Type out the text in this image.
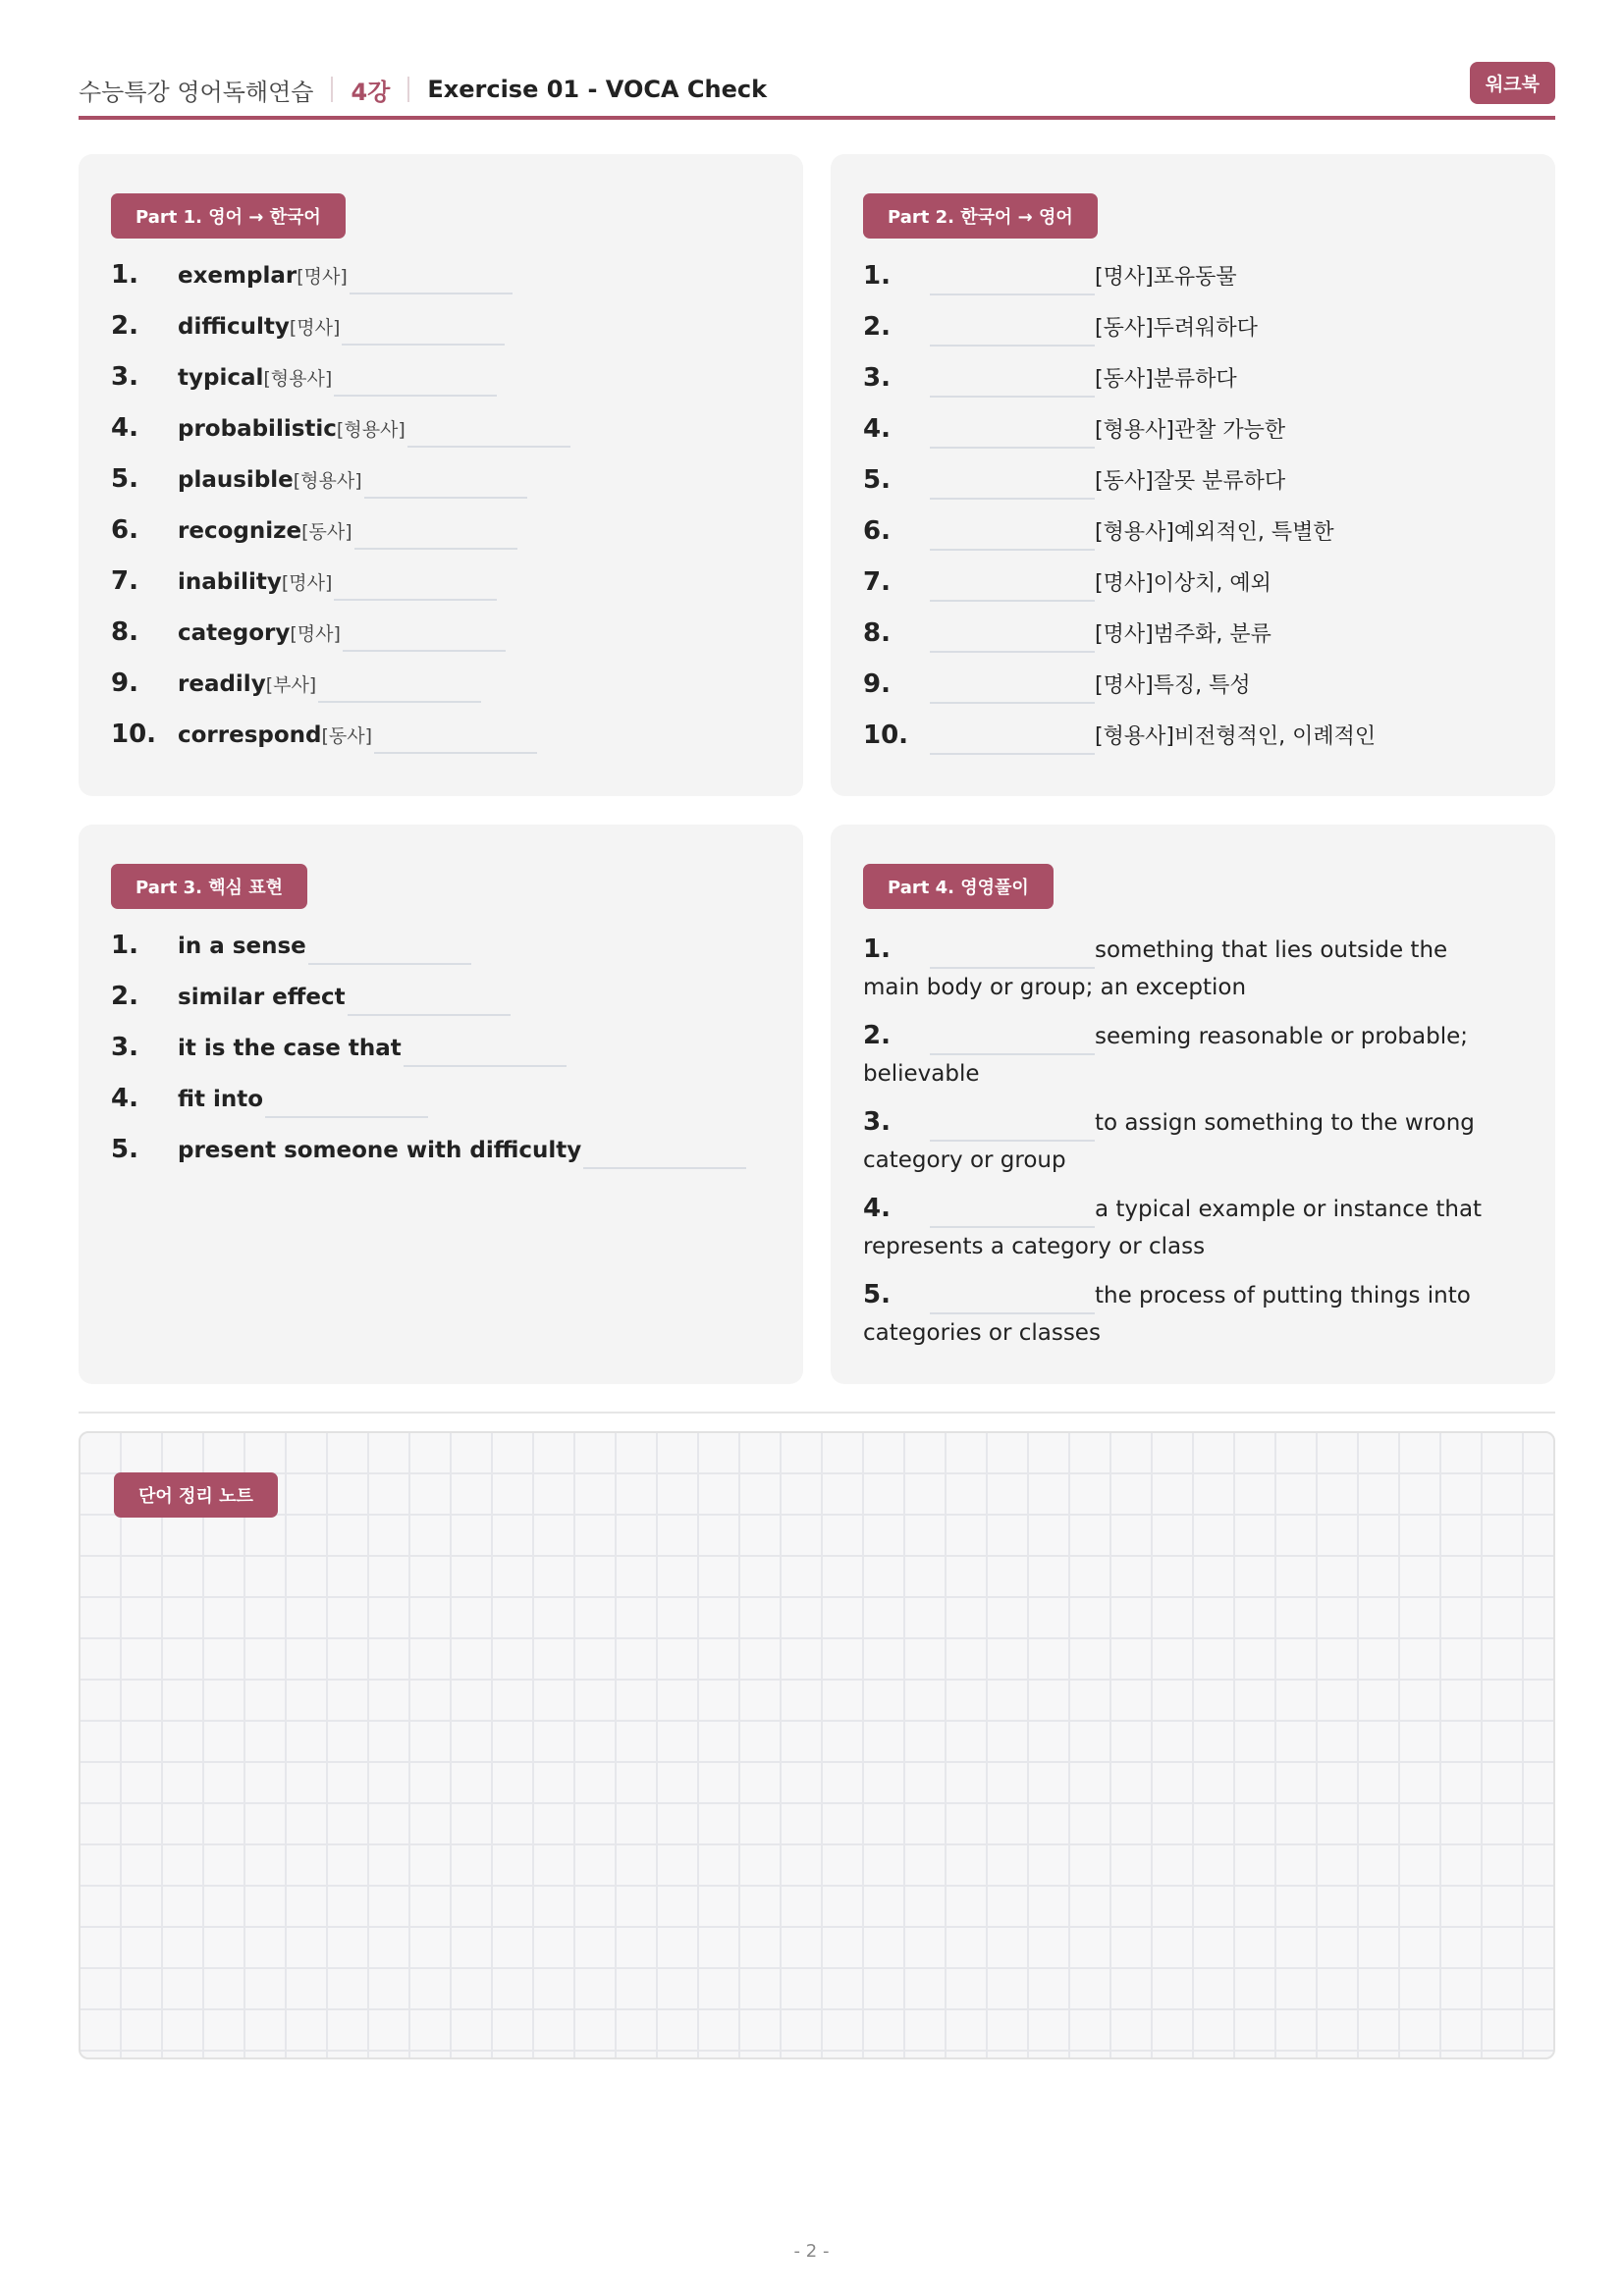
수능특강 영어독해연습 4강 Exercise 01 - VOCA Check	워크북
Part 1. 영어 → 한국어
1.	exemplar [명사]
2.	difficulty [명사]
3.	typical [형용사]
4.	probabilistic [형용사]
5.	plausible [형용사]
6.	recognize [동사]
7.	inability [명사]
8.	category [명사]
9.	readily [부사]
10. correspond [동사]
Part 2. 한국어 → 영어
1.	[명사]포유동물
2.	[동사]두려워하다
3.	[동사]분류하다
4.	[형용사]관찰 가능한
5.	[동사]잘못 분류하다
6.	[형용사]예외적인, 특별한
7.	[명사]이상치, 예외
8.	[명사]범주화, 분류
9.	[명사]특징, 특성
10.	[형용사]비전형적인, 이례적인
Part 3. 핵심 표현
1.	in a sense
2.	similar effect
3.	it is the case that
4.	fit into
5.	present someone with difficulty
Part 4. 영영풀이
1.	something that lies outside the main body or group; an exception
2.	seeming reasonable or probable; believable
3.	to assign something to the wrong category or group
4.	a typical example or instance that represents a category or class
5.	the process of putting things into categories or classes
단어 정리 노트
- 2 -
